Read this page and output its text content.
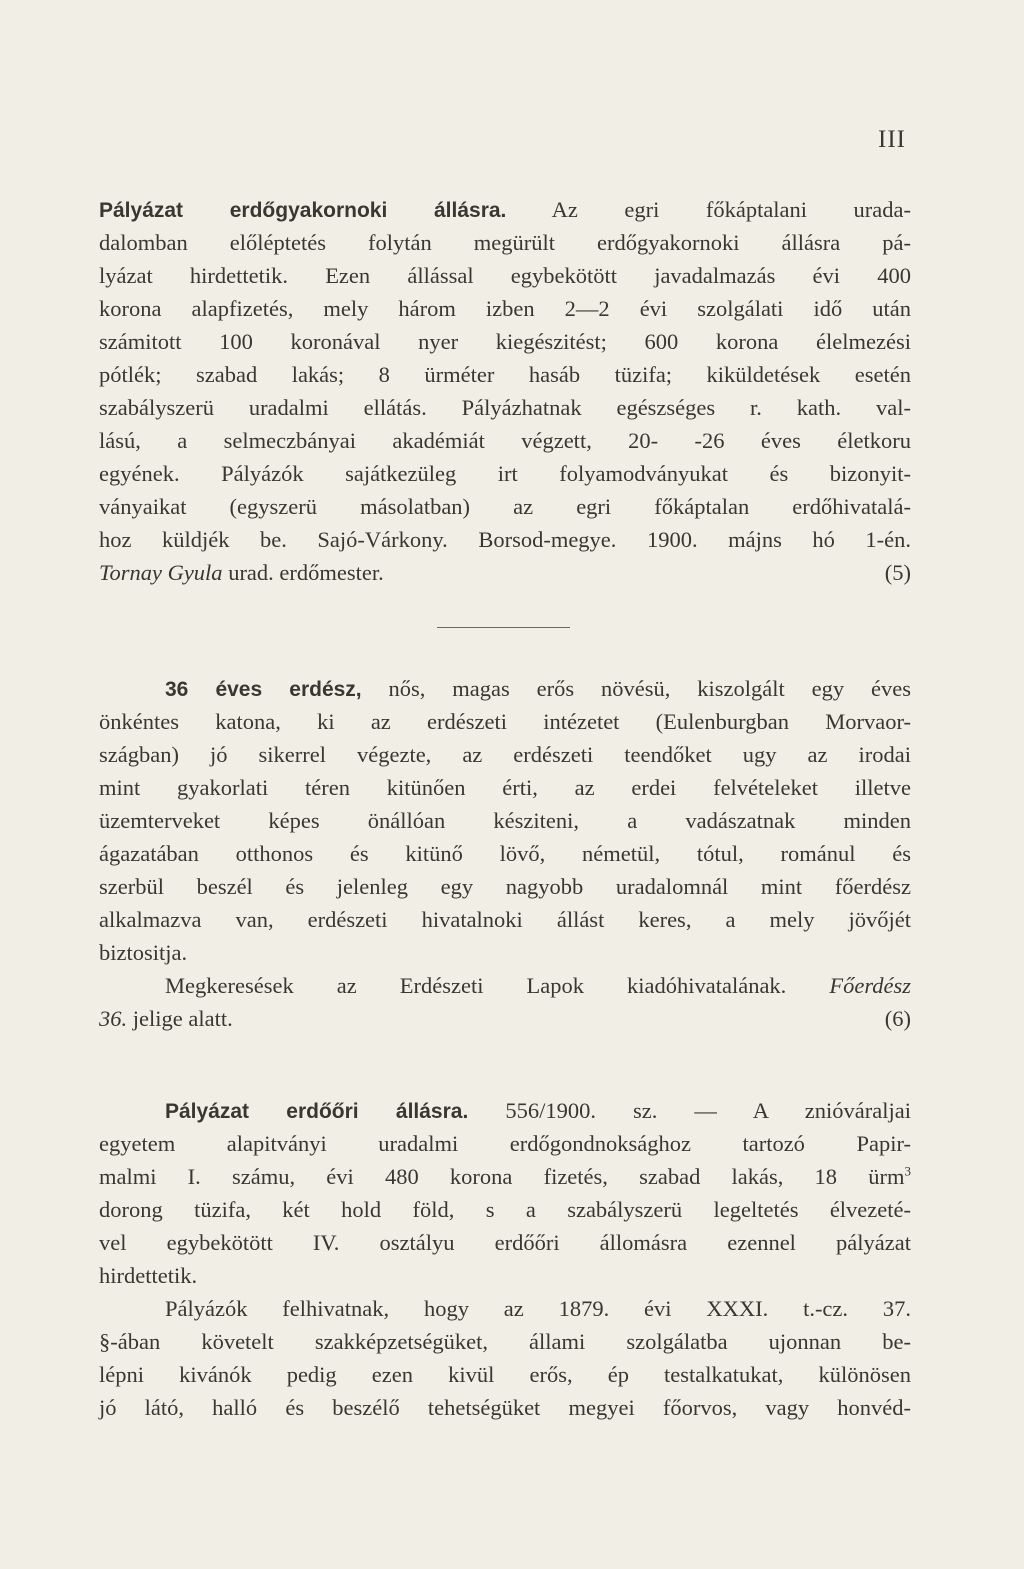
III
Pályázat erdőgyakornoki állásra. Az egri főkáptalani urada-
dalomban előléptetés folytán megürült erdőgyakornoki állásra pá-
lyázat hirdettetik. Ezen állással egybekötött javadalmazás évi 400
korona alapfizetés, mely három izben 2—2 évi szolgálati idő után
számitott 100 koronával nyer kiegészitést; 600 korona élelmezési
pótlék; szabad lakás; 8 ürméter hasáb tüzifa; kiküldetések esetén
szabályszerü uradalmi ellátás. Pályázhatnak egészséges r. kath. val-
lású, a selmeczbányai akadémiát végzett, 20- -26 éves életkoru
egyének. Pályázók sajátkezüleg irt folyamodványukat és bizonyit-
ványaikat (egyszerü másolatban) az egri főkáptalan erdőhivatalá-
hoz küldjék be. Sajó-Várkony. Borsod-megye. 1900. májns hó 1-én.
Tornay Gyula urad. erdőmester.	(5)
36 éves erdész, nős, magas erős növésü, kiszolgált egy éves
önkéntes katona, ki az erdészeti intézetet (Eulenburgban Morvaor-
szágban) jó sikerrel végezte, az erdészeti teendőket ugy az irodai
mint gyakorlati téren kitünően érti, az erdei felvételeket illetve
üzemterveket képes önállóan késziteni, a vadászatnak minden
ágazatában otthonos és kitünő lövő, németül, tótul, románul és
szerbül beszél és jelenleg egy nagyobb uradalomnál mint főerdész
alkalmazva van, erdészeti hivatalnoki állást keres, a mely jövőjét
biztositja.
Megkeresések az Erdészeti Lapok kiadóhivatalának. Főerdész
36. jelige alatt.	(6)
Pályázat erdőőri állásra. 556/1900. sz. — A znióváraljai
egyetem alapitványi uradalmi erdőgondnoksághoz tartozó Papir-
malmi I. számu, évi 480 korona fizetés, szabad lakás, 18 ürm$^3$
dorong tüzifa, két hold föld, s a szabályszerü legeltetés élvezeté-
vel egybekötött IV. osztályu erdőőri állomásra ezennel pályázat
hirdettetik.
Pályázók felhivatnak, hogy az 1879. évi XXXI. t.-cz. 37.
§-ában követelt szakképzetségüket, állami szolgálatba ujonnan be-
lépni kivánók pedig ezen kivül erős, ép testalkatukat, különösen
jó látó, halló és beszélő tehetségüket megyei főorvos, vagy honvéd-
